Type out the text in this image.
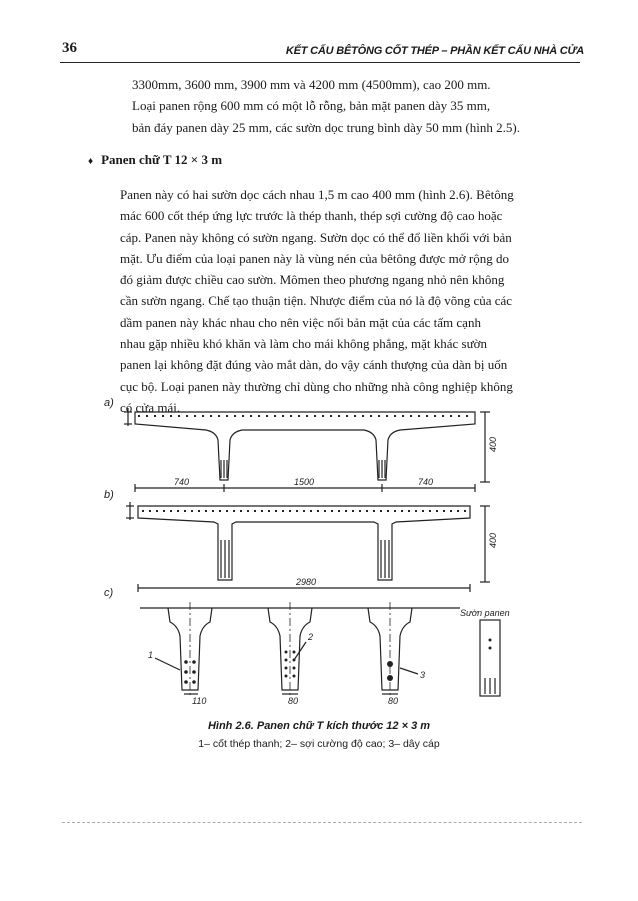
36	KẾT CẤU BÊTÔNG CỐT THÉP – PHẦN KẾT CẤU NHÀ CỬA
3300mm, 3600 mm, 3900 mm và 4200 mm (4500mm), cao 200 mm.
Loại panen rộng 600 mm có một lỗ rỗng, bản mặt panen dày 35 mm,
bản đáy panen dày 25 mm, các sườn dọc trung bình dày 50 mm (hình 2.5).
♦ Panen chữ T 12 × 3 m
Panen này có hai sườn dọc cách nhau 1,5 m cao 400 mm (hình 2.6). Bêtông
mác 600 cốt thép ứng lực trước là thép thanh, thép sợi cường độ cao hoặc
cáp. Panen này không có sườn ngang. Sườn dọc có thể đổ liền khối với bản
mặt. Ưu điểm của loại panen này là vùng nén của bêtông được mở rộng do
đó giảm được chiều cao sườn. Mômen theo phương ngang nhỏ nên không
cần sườn ngang. Chế tạo thuận tiện. Nhược điểm của nó là độ võng của các
dầm panen này khác nhau cho nên việc nối bản mặt của các tấm cạnh
nhau gặp nhiều khó khăn và làm cho mái không phẳng, mặt khác sườn
panen lại không đặt đúng vào mắt dàn, do vậy cánh thượng của dàn bị uốn
cục bộ. Loại panen này thường chỉ dùng cho những nhà công nghiệp không
có cửa mái.
a)
b)
c)
740	1500	740
400
400
2980
110	80	80
1
2
3
Sườn panen
Hình 2.6. Panen chữ T kích thước 12 × 3 m
1– cốt thép thanh; 2– sợi cường độ cao; 3– dây cáp
